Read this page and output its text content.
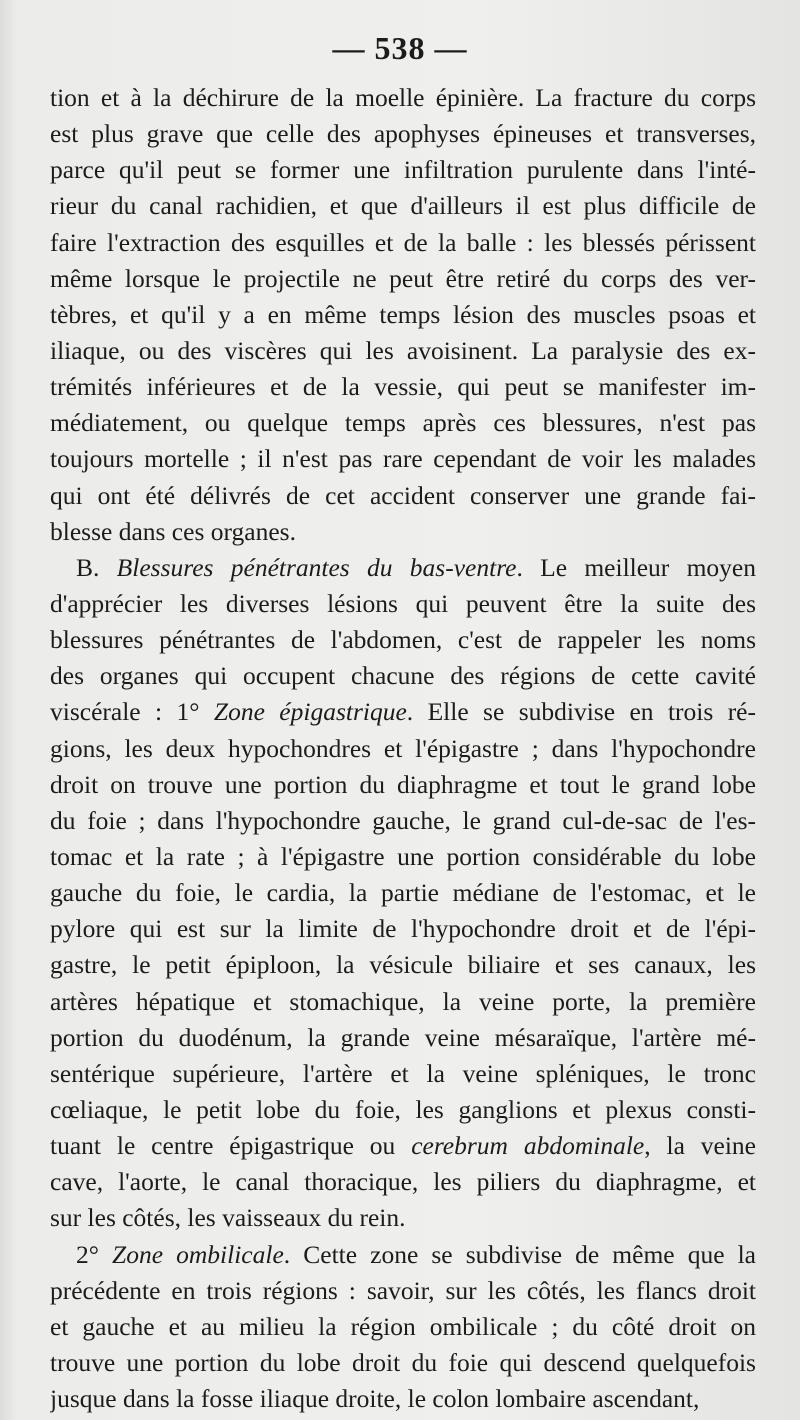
— 538 —
tion et à la déchirure de la moelle épinière. La fracture du corps
est plus grave que celle des apophyses épineuses et transverses,
parce qu'il peut se former une infiltration purulente dans l'inté-
rieur du canal rachidien, et que d'ailleurs il est plus difficile de
faire l'extraction des esquilles et de la balle : les blessés périssent
même lorsque le projectile ne peut être retiré du corps des ver-
tèbres, et qu'il y a en même temps lésion des muscles psoas et
iliaque, ou des viscères qui les avoisinent. La paralysie des ex-
trémités inférieures et de la vessie, qui peut se manifester im-
médiatement, ou quelque temps après ces blessures, n'est pas
toujours mortelle ; il n'est pas rare cependant de voir les malades
qui ont été délivrés de cet accident conserver une grande fai-
blesse dans ces organes.
B. Blessures pénétrantes du bas-ventre. Le meilleur moyen
d'apprécier les diverses lésions qui peuvent être la suite des
blessures pénétrantes de l'abdomen, c'est de rappeler les noms
des organes qui occupent chacune des régions de cette cavité
viscérale : 1° Zone épigastrique. Elle se subdivise en trois ré-
gions, les deux hypochondres et l'épigastre ; dans l'hypochondre
droit on trouve une portion du diaphragme et tout le grand lobe
du foie ; dans l'hypochondre gauche, le grand cul-de-sac de l'es-
tomac et la rate ; à l'épigastre une portion considérable du lobe
gauche du foie, le cardia, la partie médiane de l'estomac, et le
pylore qui est sur la limite de l'hypochondre droit et de l'épi-
gastre, le petit épiploon, la vésicule biliaire et ses canaux, les
artères hépatique et stomachique, la veine porte, la première
portion du duodénum, la grande veine mésaraïque, l'artère mé-
sentérique supérieure, l'artère et la veine spléniques, le tronc
cœliaque, le petit lobe du foie, les ganglions et plexus consti-
tuant le centre épigastrique ou cerebrum abdominale, la veine
cave, l'aorte, le canal thoracique, les piliers du diaphragme, et
sur les côtés, les vaisseaux du rein.
2° Zone ombilicale. Cette zone se subdivise de même que la
précédente en trois régions : savoir, sur les côtés, les flancs droit
et gauche et au milieu la région ombilicale ; du côté droit on
trouve une portion du lobe droit du foie qui descend quelquefois
jusque dans la fosse iliaque droite, le colon lombaire ascendant,
